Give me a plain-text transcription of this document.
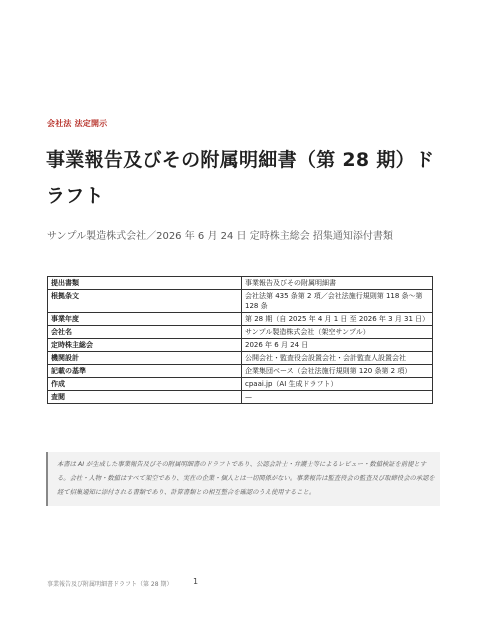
会社法 法定開示
事業報告及びその附属明細書（第 28 期）ドラフト
サンプル製造株式会社／2026 年 6 月 24 日 定時株主総会 招集通知添付書類
提出書類	事業報告及びその附属明細書
根拠条文	会社法第 435 条第 2 項／会社法施行規則第 118 条〜第 128 条
事業年度	第 28 期（自 2025 年 4 月 1 日 至 2026 年 3 月 31 日）
会社名	サンプル製造株式会社（架空サンプル）
定時株主総会	2026 年 6 月 24 日
機関設計	公開会社・監査役会設置会社・会計監査人設置会社
記載の基準	企業集団ベース（会社法施行規則第 120 条第 2 項）
作成	cpaai.jp（AI 生成ドラフト）
査閲	—
本書は AI が生成した事業報告及びその附属明細書のドラフトであり、公認会計士・弁護士等によるレビュー・数値検証を前提とする。会社・人物・数値はすべて架空であり、実在の企業・個人とは一切関係がない。事業報告は監査役会の監査及び取締役会の承認を経て招集通知に添付される書類であり、計算書類との相互整合を確認のうえ使用すること。
事業報告及び附属明細書ドラフト（第 28 期）	1
